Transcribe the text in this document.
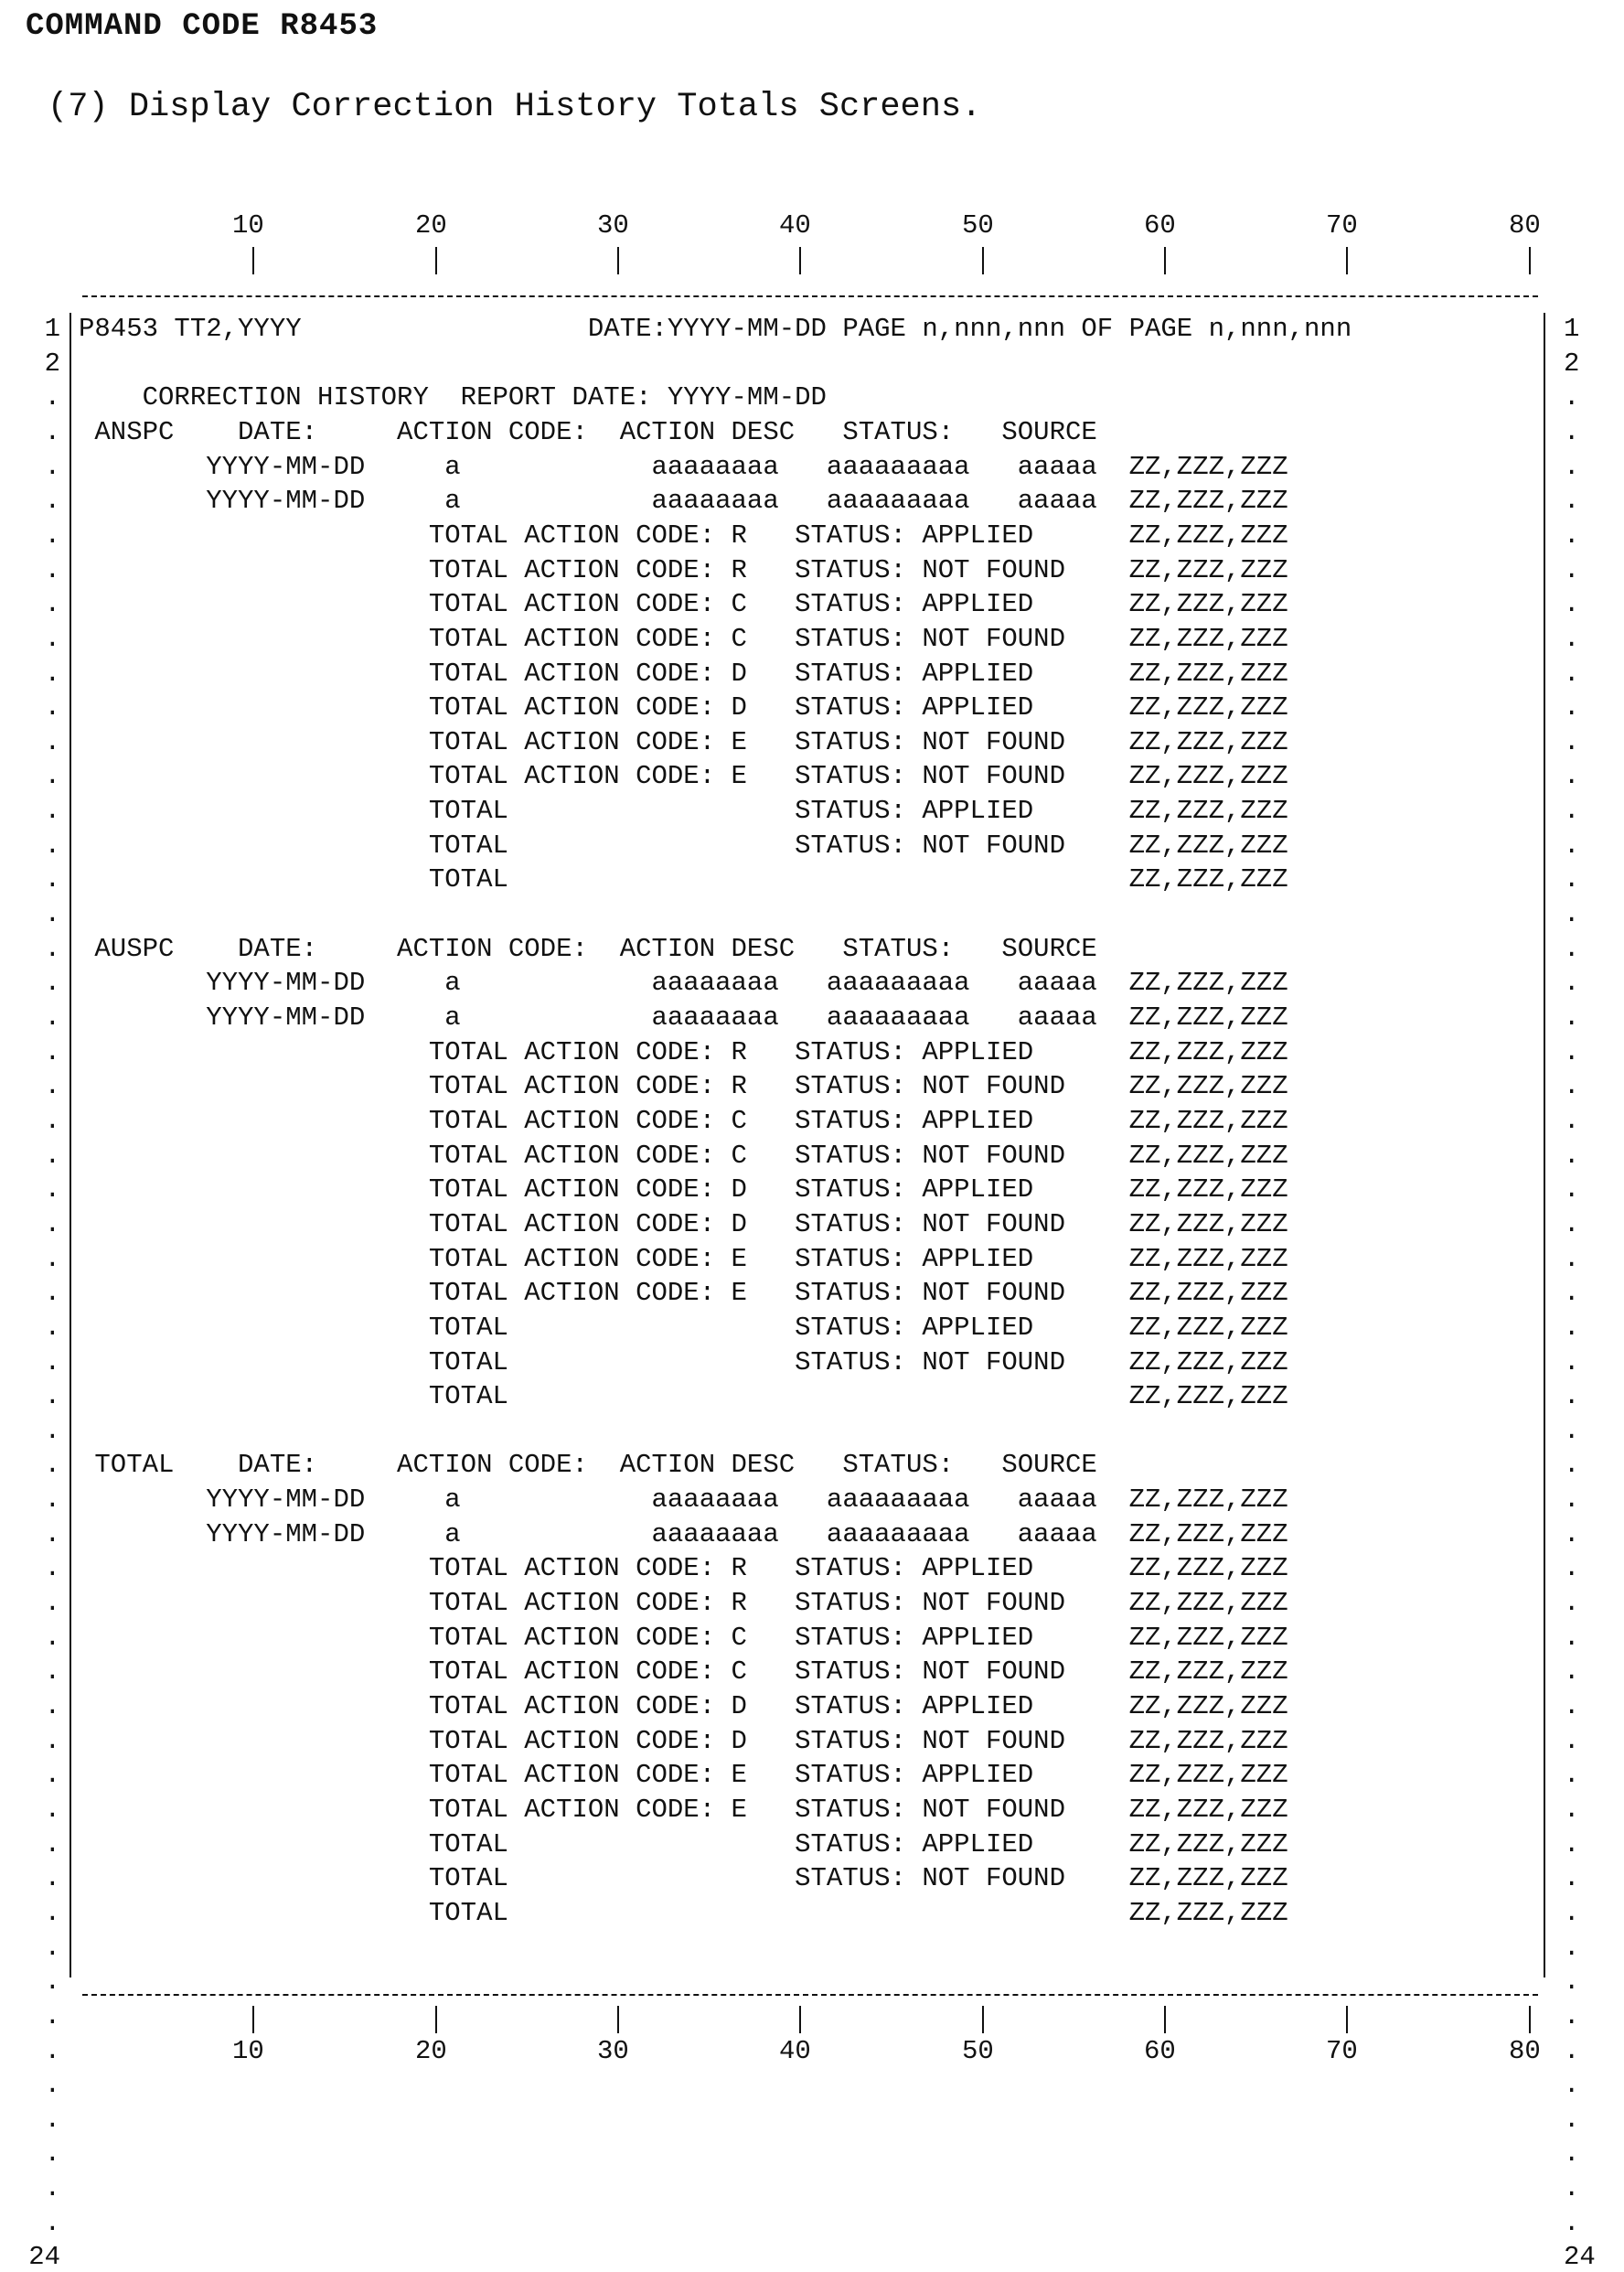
COMMAND CODE R8453
(7) Display Correction History Totals Screens.
10	20	30	40	50	60	70	80
P8453 TT2,YYYY                  DATE:YYYY-MM-DD PAGE n,nnn,nnn OF PAGE n,nnn,nnn
CORRECTION HISTORY  REPORT DATE: YYYY-MM-DD
ANSPC    DATE:     ACTION CODE:  ACTION DESC   STATUS:   SOURCE
YYYY-MM-DD     a            aaaaaaaa   aaaaaaaaa   aaaaa  ZZ,ZZZ,ZZZ
YYYY-MM-DD     a            aaaaaaaa   aaaaaaaaa   aaaaa  ZZ,ZZZ,ZZZ
TOTAL ACTION CODE: R   STATUS: APPLIED      ZZ,ZZZ,ZZZ
TOTAL ACTION CODE: R   STATUS: NOT FOUND    ZZ,ZZZ,ZZZ
TOTAL ACTION CODE: C   STATUS: APPLIED      ZZ,ZZZ,ZZZ
TOTAL ACTION CODE: C   STATUS: NOT FOUND    ZZ,ZZZ,ZZZ
TOTAL ACTION CODE: D   STATUS: APPLIED      ZZ,ZZZ,ZZZ
TOTAL ACTION CODE: D   STATUS: APPLIED      ZZ,ZZZ,ZZZ
TOTAL ACTION CODE: E   STATUS: NOT FOUND    ZZ,ZZZ,ZZZ
TOTAL ACTION CODE: E   STATUS: NOT FOUND    ZZ,ZZZ,ZZZ
TOTAL                  STATUS: APPLIED      ZZ,ZZZ,ZZZ
TOTAL                  STATUS: NOT FOUND    ZZ,ZZZ,ZZZ
TOTAL                                       ZZ,ZZZ,ZZZ
AUSPC    DATE:     ACTION CODE:  ACTION DESC   STATUS:   SOURCE
YYYY-MM-DD     a            aaaaaaaa   aaaaaaaaa   aaaaa  ZZ,ZZZ,ZZZ
YYYY-MM-DD     a            aaaaaaaa   aaaaaaaaa   aaaaa  ZZ,ZZZ,ZZZ
TOTAL ACTION CODE: R   STATUS: APPLIED      ZZ,ZZZ,ZZZ
TOTAL ACTION CODE: R   STATUS: NOT FOUND    ZZ,ZZZ,ZZZ
TOTAL ACTION CODE: C   STATUS: APPLIED      ZZ,ZZZ,ZZZ
TOTAL ACTION CODE: C   STATUS: NOT FOUND    ZZ,ZZZ,ZZZ
TOTAL ACTION CODE: D   STATUS: APPLIED      ZZ,ZZZ,ZZZ
TOTAL ACTION CODE: D   STATUS: NOT FOUND    ZZ,ZZZ,ZZZ
TOTAL ACTION CODE: E   STATUS: APPLIED      ZZ,ZZZ,ZZZ
TOTAL ACTION CODE: E   STATUS: NOT FOUND    ZZ,ZZZ,ZZZ
TOTAL                  STATUS: APPLIED      ZZ,ZZZ,ZZZ
TOTAL                  STATUS: NOT FOUND    ZZ,ZZZ,ZZZ
TOTAL                                       ZZ,ZZZ,ZZZ
TOTAL    DATE:     ACTION CODE:  ACTION DESC   STATUS:   SOURCE
YYYY-MM-DD     a            aaaaaaaa   aaaaaaaaa   aaaaa  ZZ,ZZZ,ZZZ
YYYY-MM-DD     a            aaaaaaaa   aaaaaaaaa   aaaaa  ZZ,ZZZ,ZZZ
TOTAL ACTION CODE: R   STATUS: APPLIED      ZZ,ZZZ,ZZZ
TOTAL ACTION CODE: R   STATUS: NOT FOUND    ZZ,ZZZ,ZZZ
TOTAL ACTION CODE: C   STATUS: APPLIED      ZZ,ZZZ,ZZZ
TOTAL ACTION CODE: C   STATUS: NOT FOUND    ZZ,ZZZ,ZZZ
TOTAL ACTION CODE: D   STATUS: APPLIED      ZZ,ZZZ,ZZZ
TOTAL ACTION CODE: D   STATUS: NOT FOUND    ZZ,ZZZ,ZZZ
TOTAL ACTION CODE: E   STATUS: APPLIED      ZZ,ZZZ,ZZZ
TOTAL ACTION CODE: E   STATUS: NOT FOUND    ZZ,ZZZ,ZZZ
TOTAL                  STATUS: APPLIED      ZZ,ZZZ,ZZZ
TOTAL                  STATUS: NOT FOUND    ZZ,ZZZ,ZZZ
TOTAL                                       ZZ,ZZZ,ZZZ
1
2
.
.
.
.
.
.
.
.
.
.
.
.
.
.
.
.
.
.
.
.
.
.
.
.
.
.
.
.
.
.
.
.
.
.
.
.
.
.
.
.
.
.
.
.
.
.
.
.
.
.
.
.
.
.
24
1
2
.
.
.
.
.
.
.
.
.
.
.
.
.
.
.
.
.
.
.
.
.
.
.
.
.
.
.
.
.
.
.
.
.
.
.
.
.
.
.
.
.
.
.
.
.
.
.
.
.
.
.
.
.
.
24
10	20	30	40	50	60	70	80
